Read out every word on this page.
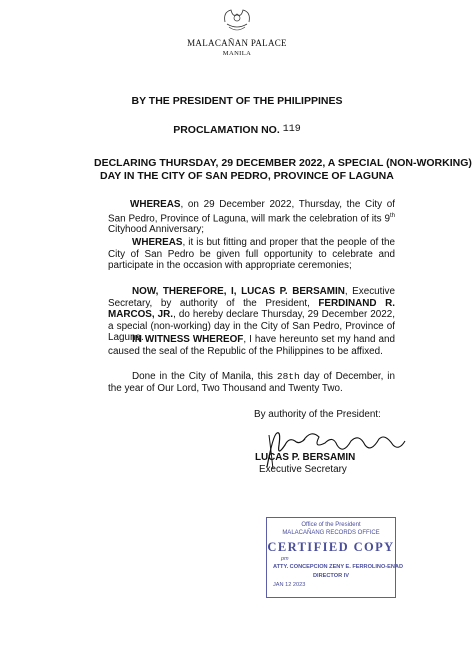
MALACAÑAN PALACE
MANILA
BY THE PRESIDENT OF THE PHILIPPINES
PROCLAMATION NO. 119
DECLARING THURSDAY, 29 DECEMBER 2022, A SPECIAL (NON-WORKING)
DAY IN THE CITY OF SAN PEDRO, PROVINCE OF LAGUNA
WHEREAS, on 29 December 2022, Thursday, the City of San Pedro, Province of Laguna, will mark the celebration of its 9th Cityhood Anniversary;
WHEREAS, it is but fitting and proper that the people of the City of San Pedro be given full opportunity to celebrate and participate in the occasion with appropriate ceremonies;
NOW, THEREFORE, I, LUCAS P. BERSAMIN, Executive Secretary, by authority of the President, FERDINAND R. MARCOS, JR., do hereby declare Thursday, 29 December 2022, a special (non-working) day in the City of San Pedro, Province of Laguna.
IN WITNESS WHEREOF, I have hereunto set my hand and caused the seal of the Republic of the Philippines to be affixed.
Done in the City of Manila, this 28th day of December, in the year of Our Lord, Two Thousand and Twenty Two.
By authority of the President:
LUCAS P. BERSAMIN
Executive Secretary
Office of the President
MALACAÑANG RECORDS OFFICE
CERTIFIED COPY
pm
ATTY. CONCEPCION ZENY E. FERROLINO-ENAD
DIRECTOR IV
JAN 12 2023
